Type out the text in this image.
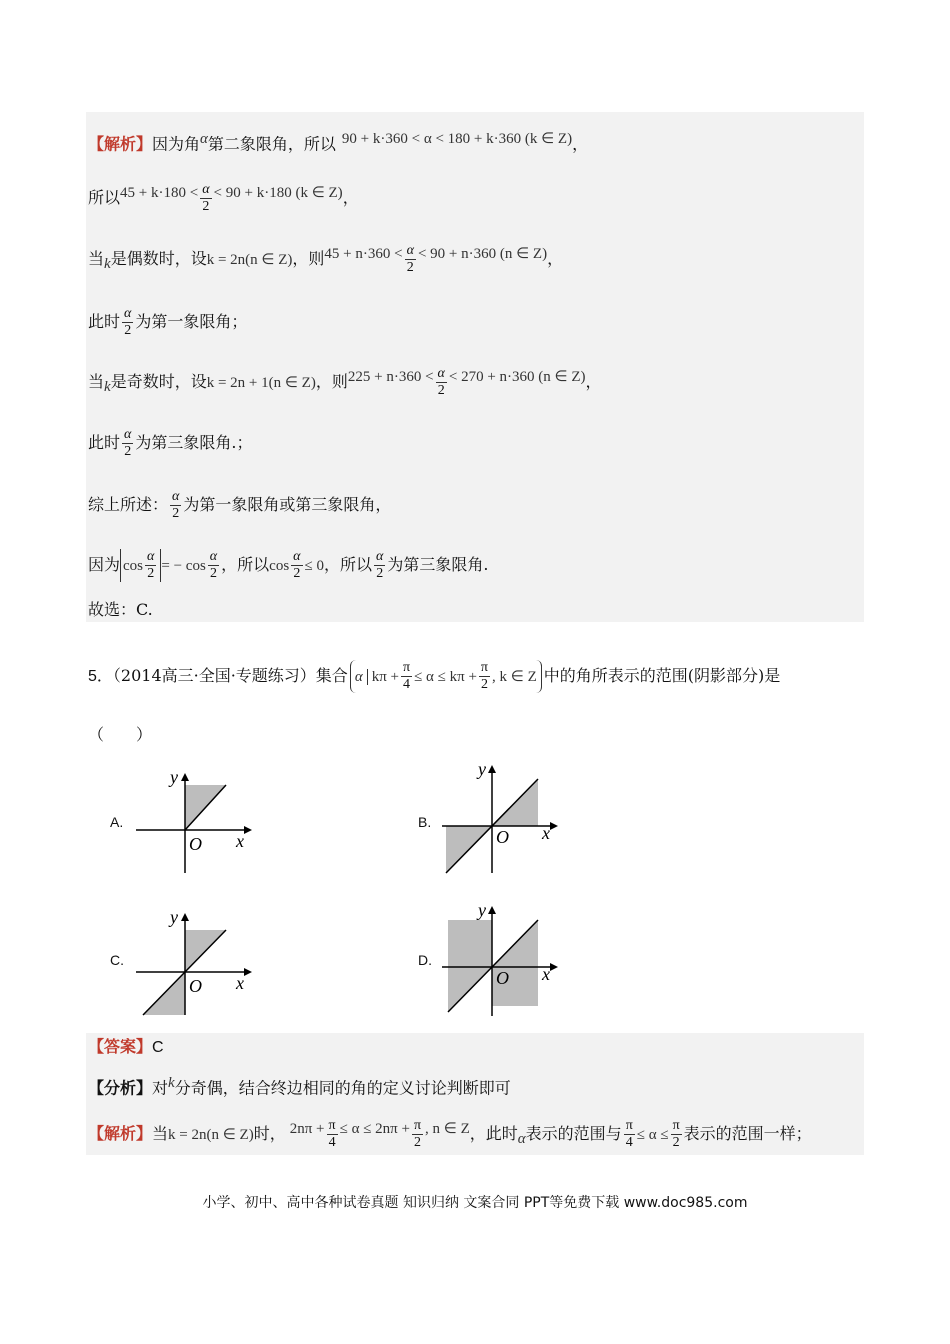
【解析】因为角$^\alpha$第二象限角，所以 90 + k·360 < α < 180 + k·360 (k ∈ Z)，
所以$45 + k\cdot 180 < \frac{\alpha}{2} < 90 + k\cdot 180$ (k ∈ Z)，
当$_k$是偶数时，设k = 2n(n ∈ Z)，则$45 + n\cdot 360 < \frac{\alpha}{2} < 90 + n\cdot 360$ (n ∈ Z)，
此时 $\frac{\alpha}{2}$ 为第一象限角；
当$_k$是奇数时，设k = 2n + 1(n ∈ Z)，则$225 + n\cdot 360 < \frac{\alpha}{2} < 270 + n\cdot 360$ (n ∈ Z)，
此时 $\frac{\alpha}{2}$ 为第三象限角.；
综上所述： $\frac{\alpha}{2}$ 为第一象限角或第三象限角，
因为 $\cos \frac{\alpha}{2}$ = − $\cos \frac{\alpha}{2}$ ，所以$\cos \frac{\alpha}{2} \le 0$，所以 $\frac{\alpha}{2}$ 为第三象限角.
故选：C.
5．（2014高三·全国·专题练习）集合 α $k\pi + \frac{\pi}{4} \le \alpha \le k\pi + \frac{\pi}{2}$ , k ∈ Z 中的角所表示的范围(阴影部分)是
（　　）
A.	B.
C.	D.
y
x
O
y
x
O
y
x
O
y
x
O
【答案】C
【分析】对$^k$分奇偶，结合终边相同的角的定义讨论判断即可
【解析】当k = 2n(n ∈ Z)时， $2n\pi + \frac{\pi}{4} \le \alpha \le 2n\pi + \frac{\pi}{2}$ , n ∈ Z，此时$_\alpha$表示的范围与 $\frac{\pi}{4} \le \alpha \le \frac{\pi}{2}$ 表示的范围一样；
小学、初中、高中各种试卷真题 知识归纳 文案合同 PPT等免费下载 www.doc985.com
